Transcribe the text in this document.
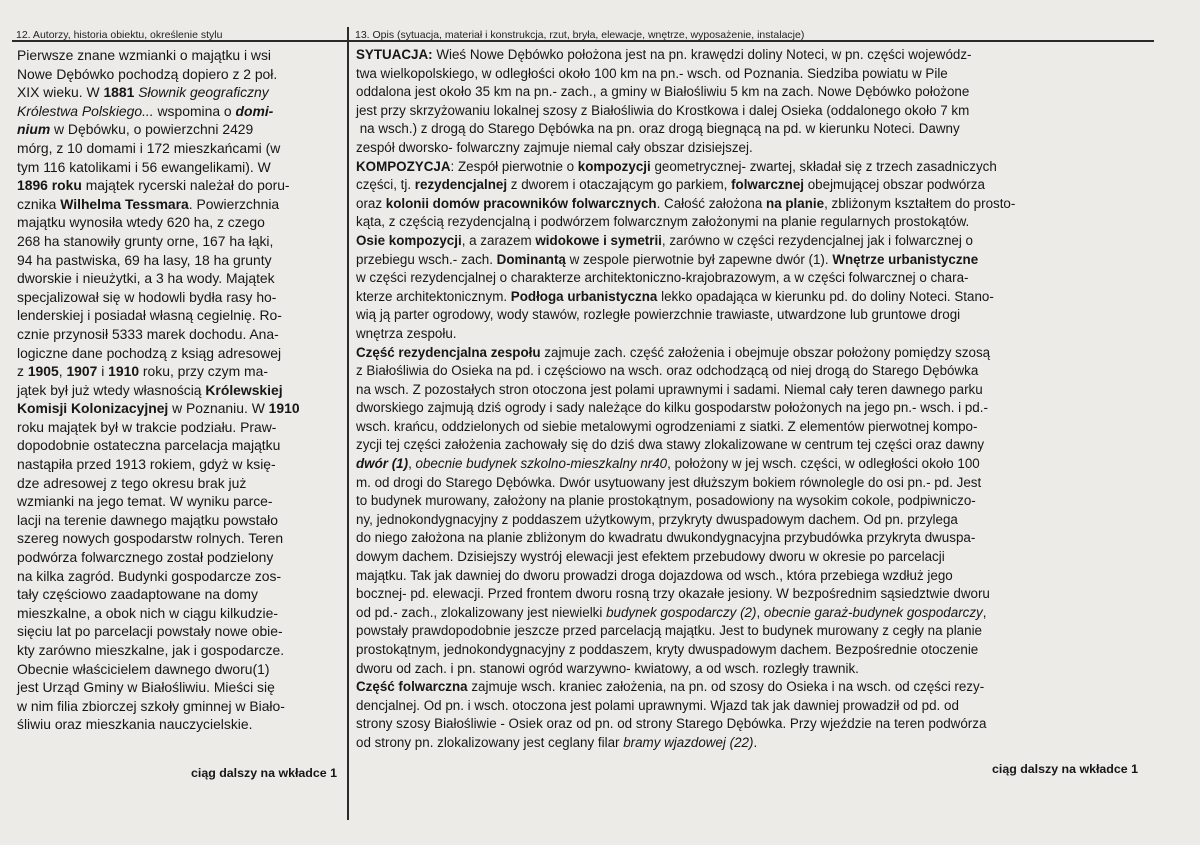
12. Autorzy, historia obiektu, określenie stylu	13. Opis (sytuacja, materiał i konstrukcja, rzut, bryła, elewacje, wnętrze, wyposażenie, instalacje)
Pierwsze znane wzmianki o majątku i wsi
Nowe Dębówko pochodzą dopiero z 2 poł.
XIX wieku. W 1881 Słownik geograficzny
Królestwa Polskiego... wspomina o domi-
nium w Dębówku, o powierzchni 2429
mórg, z 10 domami i 172 mieszkańcami (w
tym 116 katolikami i 56 ewangelikami). W
1896 roku majątek rycerski należał do poru-
cznika Wilhelma Tessmara. Powierzchnia
majątku wynosiła wtedy 620 ha, z czego
268 ha stanowiły grunty orne, 167 ha łąki,
94 ha pastwiska, 69 ha lasy, 18 ha grunty
dworskie i nieużytki, a 3 ha wody. Majątek
specjalizował się w hodowli bydła rasy ho-
lenderskiej i posiadał własną cegielnię. Ro-
cznie przynosił 5333 marek dochodu. Ana-
logiczne dane pochodzą z ksiąg adresowej
z 1905, 1907 i 1910 roku, przy czym ma-
jątek był już wtedy własnością Królewskiej
Komisji Kolonizacyjnej w Poznaniu. W 1910
roku majątek był w trakcie podziału. Praw-
dopodobnie ostateczna parcelacja majątku
nastąpiła przed 1913 rokiem, gdyż w księ-
dze adresowej z tego okresu brak już
wzmianki na jego temat. W wyniku parce-
lacji na terenie dawnego majątku powstało
szereg nowych gospodarstw rolnych. Teren
podwórza folwarcznego został podzielony
na kilka zagród. Budynki gospodarcze zos-
tały częściowo zaadaptowane na domy
mieszkalne, a obok nich w ciągu kilkudzie-
sięciu lat po parcelacji powstały nowe obie-
kty zarówno mieszkalne, jak i gospodarcze.
Obecnie właścicielem dawnego dworu(1)
jest Urząd Gminy w Białośliwiu. Mieści się
w nim filia zbiorczej szkoły gminnej w Biało-
śliwiu oraz mieszkania nauczycielskie.
ciąg dalszy na wkładce 1
SYTUACJA: Wieś Nowe Dębówko położona jest na pn. krawędzi doliny Noteci, w pn. części wojewódz-
twa wielkopolskiego, w odległości około 100 km na pn.- wsch. od Poznania. Siedziba powiatu w Pile
oddalona jest około 35 km na pn.- zach., a gminy w Białośliwiu 5 km na zach. Nowe Dębówko położone
jest przy skrzyżowaniu lokalnej szosy z Białośliwia do Krostkowa i dalej Osieka (oddalonego około 7 km
na wsch.) z drogą do Starego Dębówka na pn. oraz drogą biegnącą na pd. w kierunku Noteci. Dawny
zespół dworsko- folwarczny zajmuje niemal cały obszar dzisiejszej.
KOMPOZYCJA: Zespół pierwotnie o kompozycji geometrycznej- zwartej, składał się z trzech zasadniczych
części, tj. rezydencjalnej z dworem i otaczającym go parkiem, folwarcznej obejmującej obszar podwórza
oraz kolonii domów pracowników folwarcznych. Całość założona na planie, zbliżonym kształtem do prosto-
kąta, z częścią rezydencjalną i podwórzem folwarcznym założonymi na planie regularnych prostokątów.
Osie kompozycji, a zarazem widokowe i symetrii, zarówno w części rezydencjalnej jak i folwarcznej o
przebiegu wsch.- zach. Dominantą w zespole pierwotnie był zapewne dwór (1). Wnętrze urbanistyczne
w części rezydencjalnej o charakterze architektoniczno-krajobrazowym, a w części folwarcznej o chara-
kterze architektonicznym. Podłoga urbanistyczna lekko opadająca w kierunku pd. do doliny Noteci. Stano-
wią ją parter ogrodowy, wody stawów, rozległe powierzchnie trawiaste, utwardzone lub gruntowe drogi
wnętrza zespołu.
Część rezydencjalna zespołu zajmuje zach. część założenia i obejmuje obszar położony pomiędzy szosą
z Białośliwia do Osieka na pd. i częściowo na wsch. oraz odchodzącą od niej drogą do Starego Dębówka
na wsch. Z pozostałych stron otoczona jest polami uprawnymi i sadami. Niemal cały teren dawnego parku
dworskiego zajmują dziś ogrody i sady należące do kilku gospodarstw położonych na jego pn.- wsch. i pd.-
wsch. krańcu, oddzielonych od siebie metalowymi ogrodzeniami z siatki. Z elementów pierwotnej kompo-
zycji tej części założenia zachowały się do dziś dwa stawy zlokalizowane w centrum tej części oraz dawny
dwór (1), obecnie budynek szkolno-mieszkalny nr40, położony w jej wsch. części, w odległości około 100
m. od drogi do Starego Dębówka. Dwór usytuowany jest dłuższym bokiem równolegle do osi pn.- pd. Jest
to budynek murowany, założony na planie prostokątnym, posadowiony na wysokim cokole, podpiwniczo-
ny, jednokondygnacyjny z poddaszem użytkowym, przykryty dwuspadowym dachem. Od pn. przylega
do niego założona na planie zbliżonym do kwadratu dwukondygnacyjna przybudówka przykryta dwuspa-
dowym dachem. Dzisiejszy wystrój elewacji jest efektem przebudowy dworu w okresie po parcelacji
majątku. Tak jak dawniej do dworu prowadzi droga dojazdowa od wsch., która przebiega wzdłuż jego
bocznej- pd. elewacji. Przed frontem dworu rosną trzy okazałe jesiony. W bezpośrednim sąsiedztwie dworu
od pd.- zach., zlokalizowany jest niewielki budynek gospodarczy (2), obecnie garaż-budynek gospodarczy,
powstały prawdopodobnie jeszcze przed parcelacją majątku. Jest to budynek murowany z cegły na planie
prostokątnym, jednokondygnacyjny z poddaszem, kryty dwuspadowym dachem. Bezpośrednie otoczenie
dworu od zach. i pn. stanowi ogród warzywno- kwiatowy, a od wsch. rozległy trawnik.
Część folwarczna zajmuje wsch. kraniec założenia, na pn. od szosy do Osieka i na wsch. od części rezy-
dencjalnej. Od pn. i wsch. otoczona jest polami uprawnymi. Wjazd tak jak dawniej prowadził od pd. od
strony szosy Białośliwie - Osiek oraz od pn. od strony Starego Dębówka. Przy wjeździe na teren podwórza
od strony pn. zlokalizowany jest ceglany filar bramy wjazdowej (22).
ciąg dalszy na wkładce 1
